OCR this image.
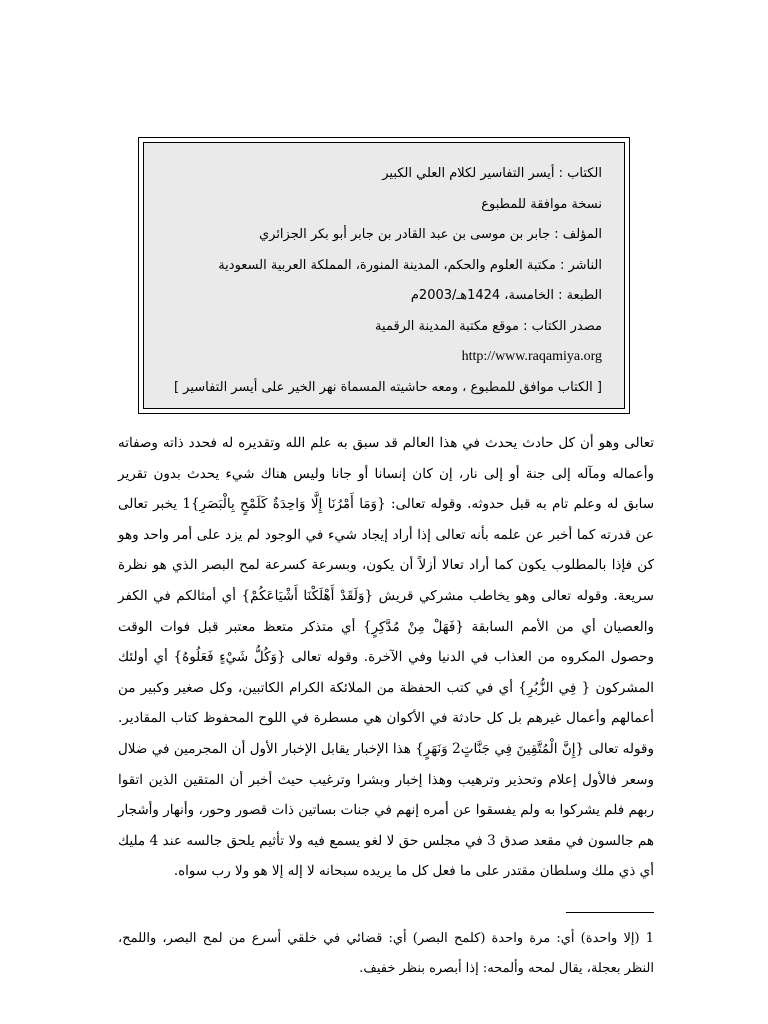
الكتاب : أيسر التفاسير لكلام العلي الكبير
نسخة موافقة للمطبوع
المؤلف : جابر بن موسى بن عبد القادر بن جابر أبو بكر الجزائري
الناشر : مكتبة العلوم والحكم، المدينة المنورة، المملكة العربية السعودية
الطبعة : الخامسة، 1424هـ/2003م
مصدر الكتاب : موقع مكتبة المدينة الرقمية
http://www.raqamiya.org
[ الكتاب موافق للمطبوع ، ومعه حاشيته المسماة نهر الخير على أيسر التفاسير ]

تعالى وهو أن كل حادث يحدث في هذا العالم قد سبق به علم الله وتقديره له فحدد ذاته وصفاته وأعماله ومآله إلى جنة أو إلى نار، إن كان إنسانا أو جانا وليس هناك شيء يحدث بدون تقرير سابق له وعلم تام به قبل حدوثه. وقوله تعالى: {وَمَا أَمْرُنَا إِلَّا وَاحِدَةٌ كَلَمْحٍ بِالْبَصَرِ}1 يخبر تعالى عن قدرته كما أخبر عن علمه بأنه تعالى إذا أراد إيجاد شيء في الوجود لم يزد على أمر واحد وهو كن فإذا بالمطلوب يكون كما أراد تعالا أزلاً أن يكون، وبسرعة كسرعة لمح البصر الذي هو نظرة سريعة. وقوله تعالى وهو يخاطب مشركي قريش {وَلَقَدْ أَهْلَكْنَا أَشْيَاعَكُمْ} أي أمثالكم في الكفر والعصيان أي من الأمم السابقة {فَهَلْ مِنْ مُدَّكِرٍ} أي متذكر متعظ معتبر قبل فوات الوقت وحصول المكروه من العذاب في الدنيا وفي الآخرة. وقوله تعالى {وَكُلُّ شَيْءٍ فَعَلُوهُ} أي أولئك المشركون { فِي الزُّبُرِ} أي في كتب الحفظة من الملائكة الكرام الكاتبين، وكل صغير وكبير من أعمالهم وأعمال غيرهم بل كل حادثة في الأكوان هي مسطرة في اللوح المحفوظ كتاب المقادير. وقوله تعالى {إِنَّ الْمُتَّقِينَ فِي جَنَّاتٍ2 وَنَهَرٍ} هذا الإخبار يقابل الإخبار الأول أن المجرمين في ضلال وسعر فالأول إعلام وتحذير وترهيب وهذا إخبار وبشرا وترغيب حيث أخبر أن المتقين الذين اتقوا ربهم فلم يشركوا به ولم يفسقوا عن أمره إنهم في جنات بساتين ذات قصور وحور، وأنهار وأشجار هم جالسون في مقعد صدق 3 في مجلس حق لا لغو يسمع فيه ولا تأثيم يلحق جالسه عند 4 مليك أي ذي ملك وسلطان مقتدر على ما فعل كل ما يريده سبحانه لا إله إلا هو ولا رب سواه.

1 (إلا واحدة) أي: مرة واحدة (كلمح البصر) أي: قضائي في خلقي أسرع من لمح البصر، واللمح، النظر بعجلة، يقال لمحه وألمحه: إذا أبصره بنظر خفيف.
